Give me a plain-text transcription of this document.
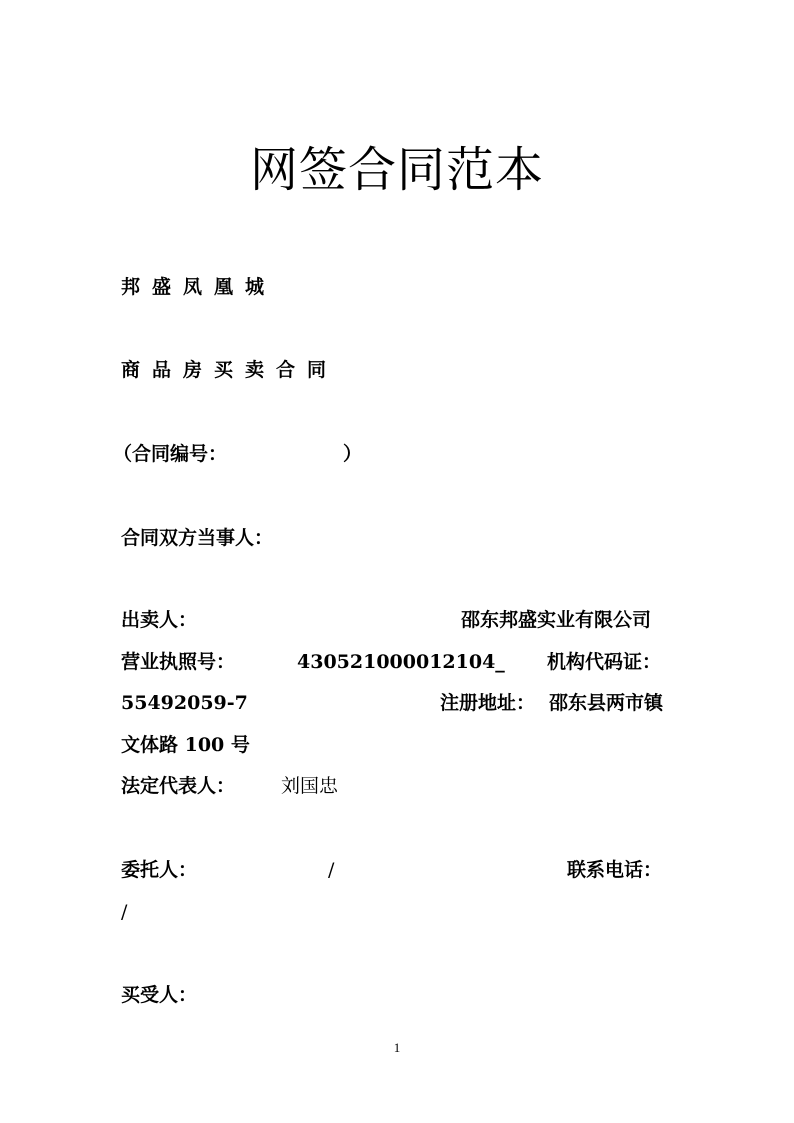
网签合同范本
邦盛凤凰城
商品房买卖合同
（合同编号：	）
合同双方当事人：
出卖人：	邵东邦盛实业有限公司
营业执照号：	430521000012104_ 机构代码证：
55492059-7	注册地址： 邵东县两市镇
文体路 100 号
法定代表人： 刘国忠
委托人：	/	联系电话：
/
买受人：
1
